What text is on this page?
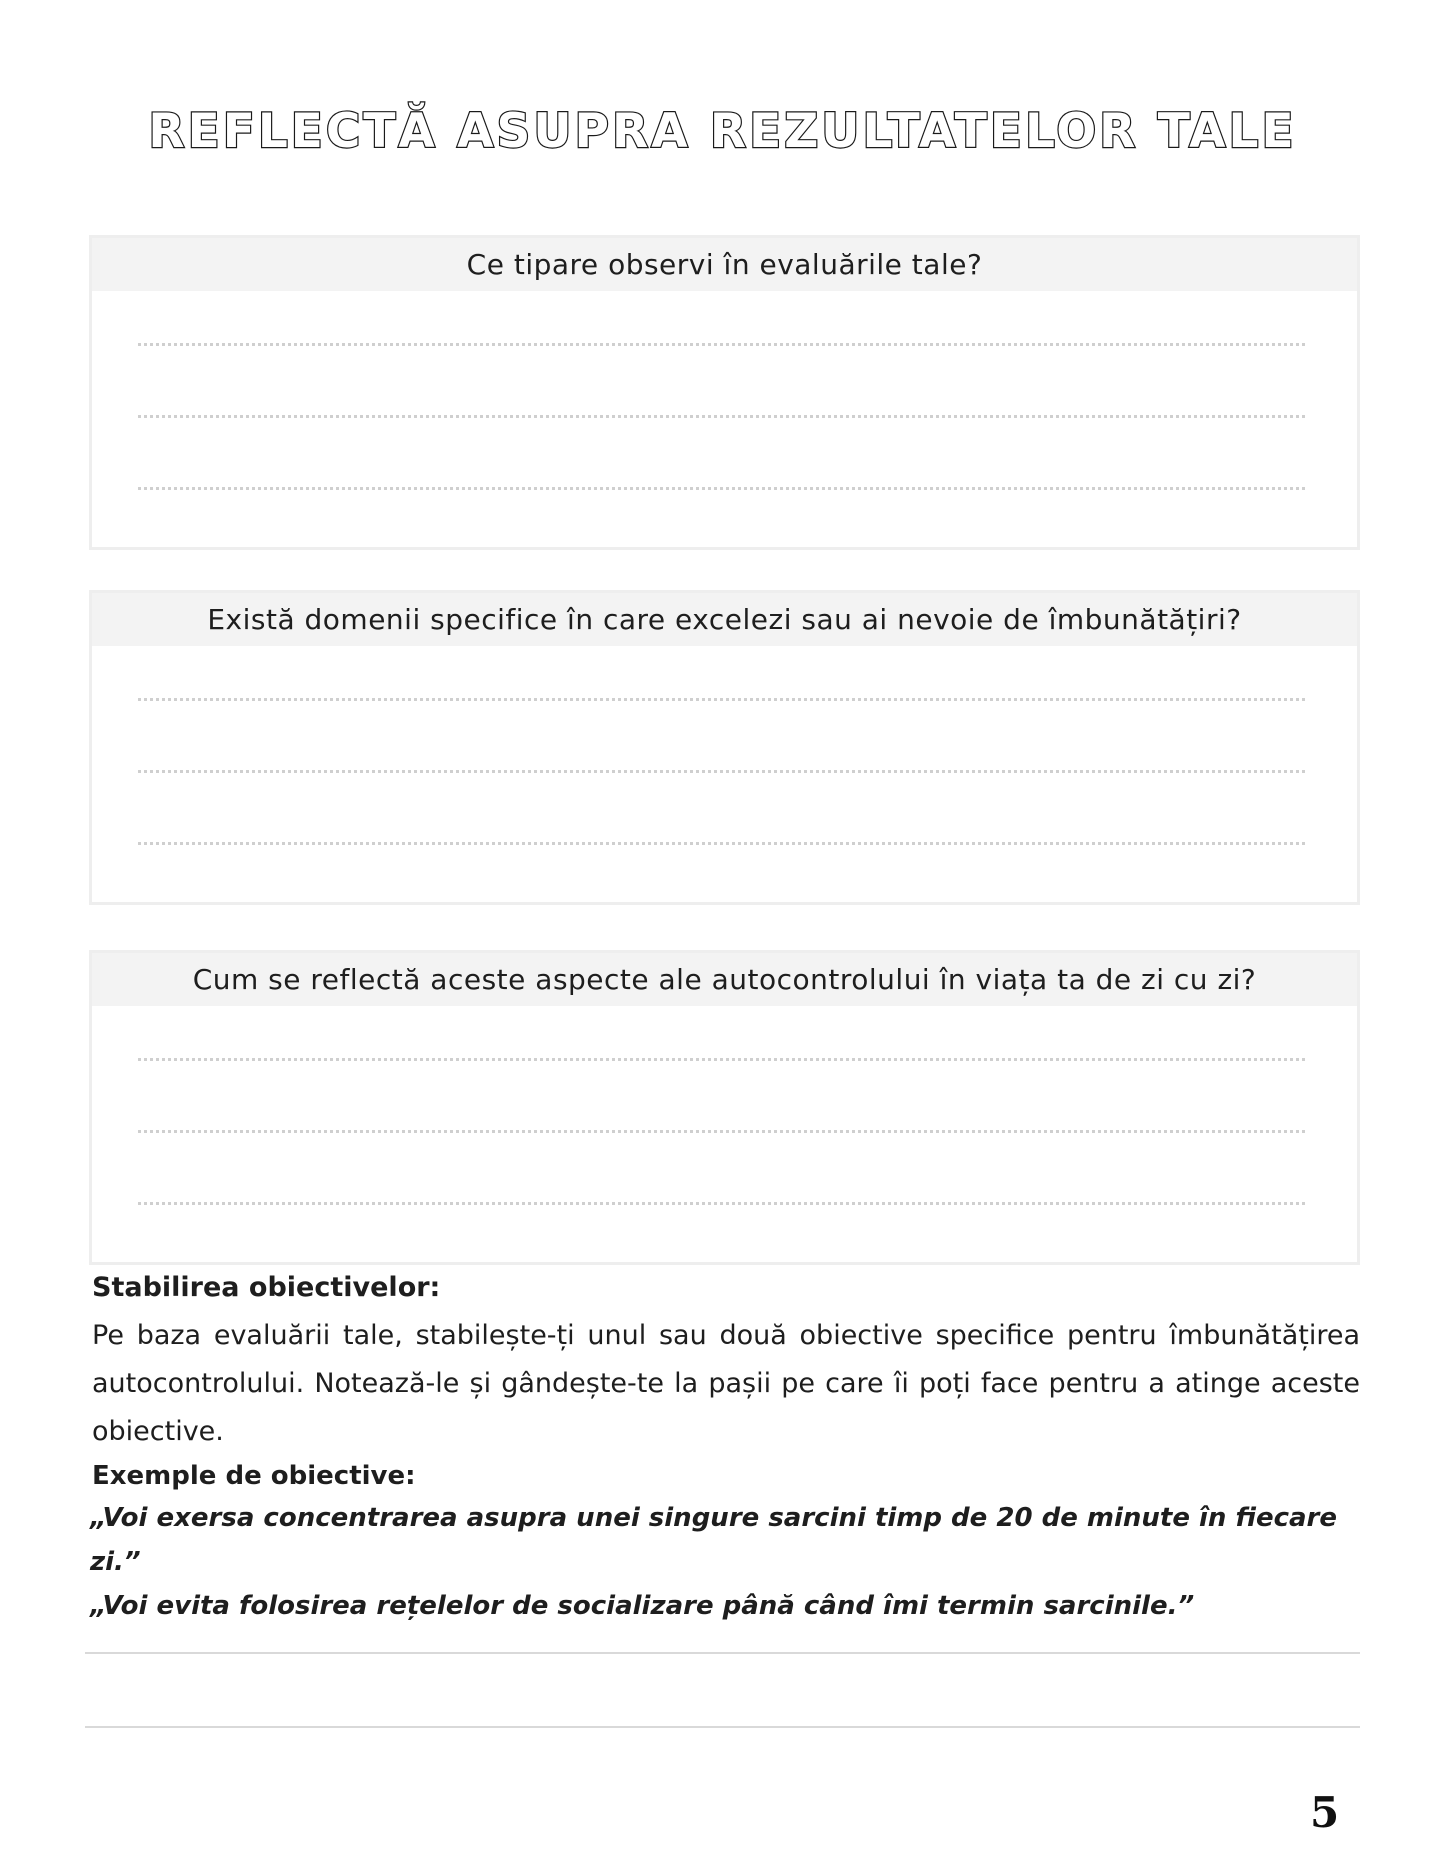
REFLECTĂ ASUPRA REZULTATELOR TALE
Ce tipare observi în evaluările tale?
Există domenii specifice în care excelezi sau ai nevoie de îmbunătățiri?
Cum se reflectă aceste aspecte ale autocontrolului în viața ta de zi cu zi?
Stabilirea obiectivelor:
Pe baza evaluării tale, stabilește-ți unul sau două obiective specifice pentru îmbunătățirea autocontrolului. Notează-le și gândește-te la pașii pe care îi poți face pentru a atinge aceste obiective.
Exemple de obiective:
„Voi exersa concentrarea asupra unei singure sarcini timp de 20 de minute în fiecare zi.”
„Voi evita folosirea rețelelor de socializare până când îmi termin sarcinile.”
5
